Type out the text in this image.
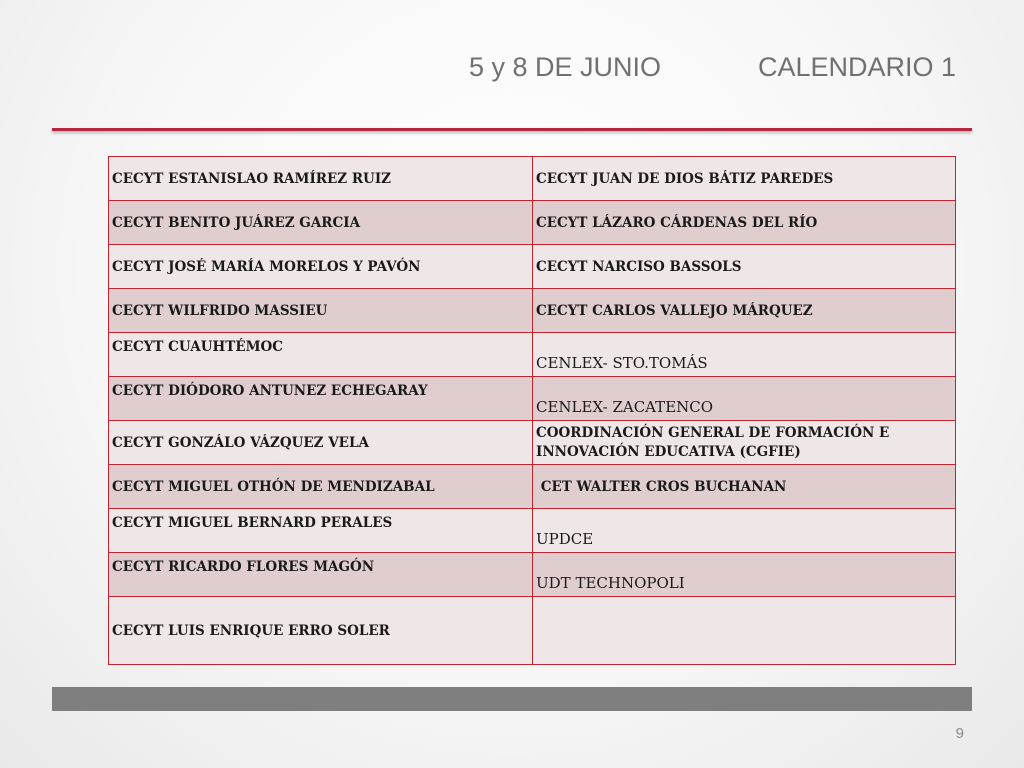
5 y 8 DE JUNIO	CALENDARIO 1
CECYT ESTANISLAO RAMÍREZ RUIZ	CECYT JUAN DE DIOS BÁTIZ PAREDES

CECYT BENITO JUÁREZ GARCIA	CECYT LÁZARO CÁRDENAS DEL RÍO

CECYT JOSÉ MARÍA MORELOS Y PAVÓN	CECYT NARCISO BASSOLS

CECYT WILFRIDO MASSIEU	CECYT CARLOS VALLEJO MÁRQUEZ

CECYT CUAUHTÉMOC	CENLEX- STO.TOMÁS

CECYT DIÓDORO ANTUNEZ ECHEGARAY	CENLEX- ZACATENCO

CECYT GONZÁLO VÁZQUEZ VELA	COORDINACIÓN GENERAL DE FORMACIÓN E INNOVACIÓN EDUCATIVA (CGFIE)

CECYT MIGUEL OTHÓN DE MENDIZABAL	CET WALTER CROS BUCHANAN

CECYT MIGUEL BERNARD PERALES	UPDCE

CECYT RICARDO FLORES MAGÓN	UDT TECHNOPOLI

CECYT LUIS ENRIQUE ERRO SOLER	

9
